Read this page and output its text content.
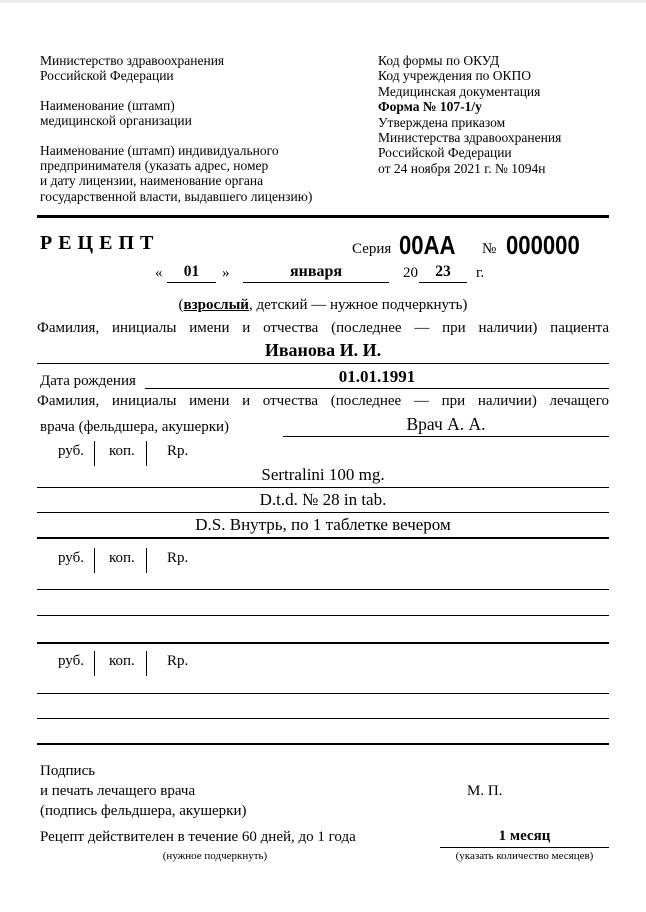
Министерство здравоохранения
Российской Федерации
Наименование (штамп)
медицинской организации
Наименование (штамп) индивидуального
предпринимателя (указать адрес, номер
и дату лицензии, наименование органа
государственной власти, выдавшего лицензию)
Код формы по ОКУД
Код учреждения по ОКПО
Медицинская документация
Форма № 107-1/у
Утверждена приказом
Министерства здравоохранения
Российской Федерации
от 24 ноября 2021 г. № 1094н
РЕЦЕПТ	Серия 00AA № 000000
«	01	»	января	20	23	г.
(взрослый, детский — нужное подчеркнуть)
Фамилия, инициалы имени и отчества (последнее — при наличии) пациента
Иванова И. И.
Дата рождения	01.01.1991
Фамилия, инициалы имени и отчества (последнее — при наличии) лечащего
врача (фельдшера, акушерки)	Врач А. А.
руб.	коп.	Rp.
Sertralini 100 mg.
D.t.d. № 28 in tab.
D.S. Внутрь, по 1 таблетке вечером
руб.	коп.	Rp.
руб.	коп.	Rp.
Подпись
и печать лечащего врача	М. П.
(подпись фельдшера, акушерки)
Рецепт действителен в течение 60 дней, до 1 года	1 месяц
(нужное подчеркнуть)	(указать количество месяцев)
